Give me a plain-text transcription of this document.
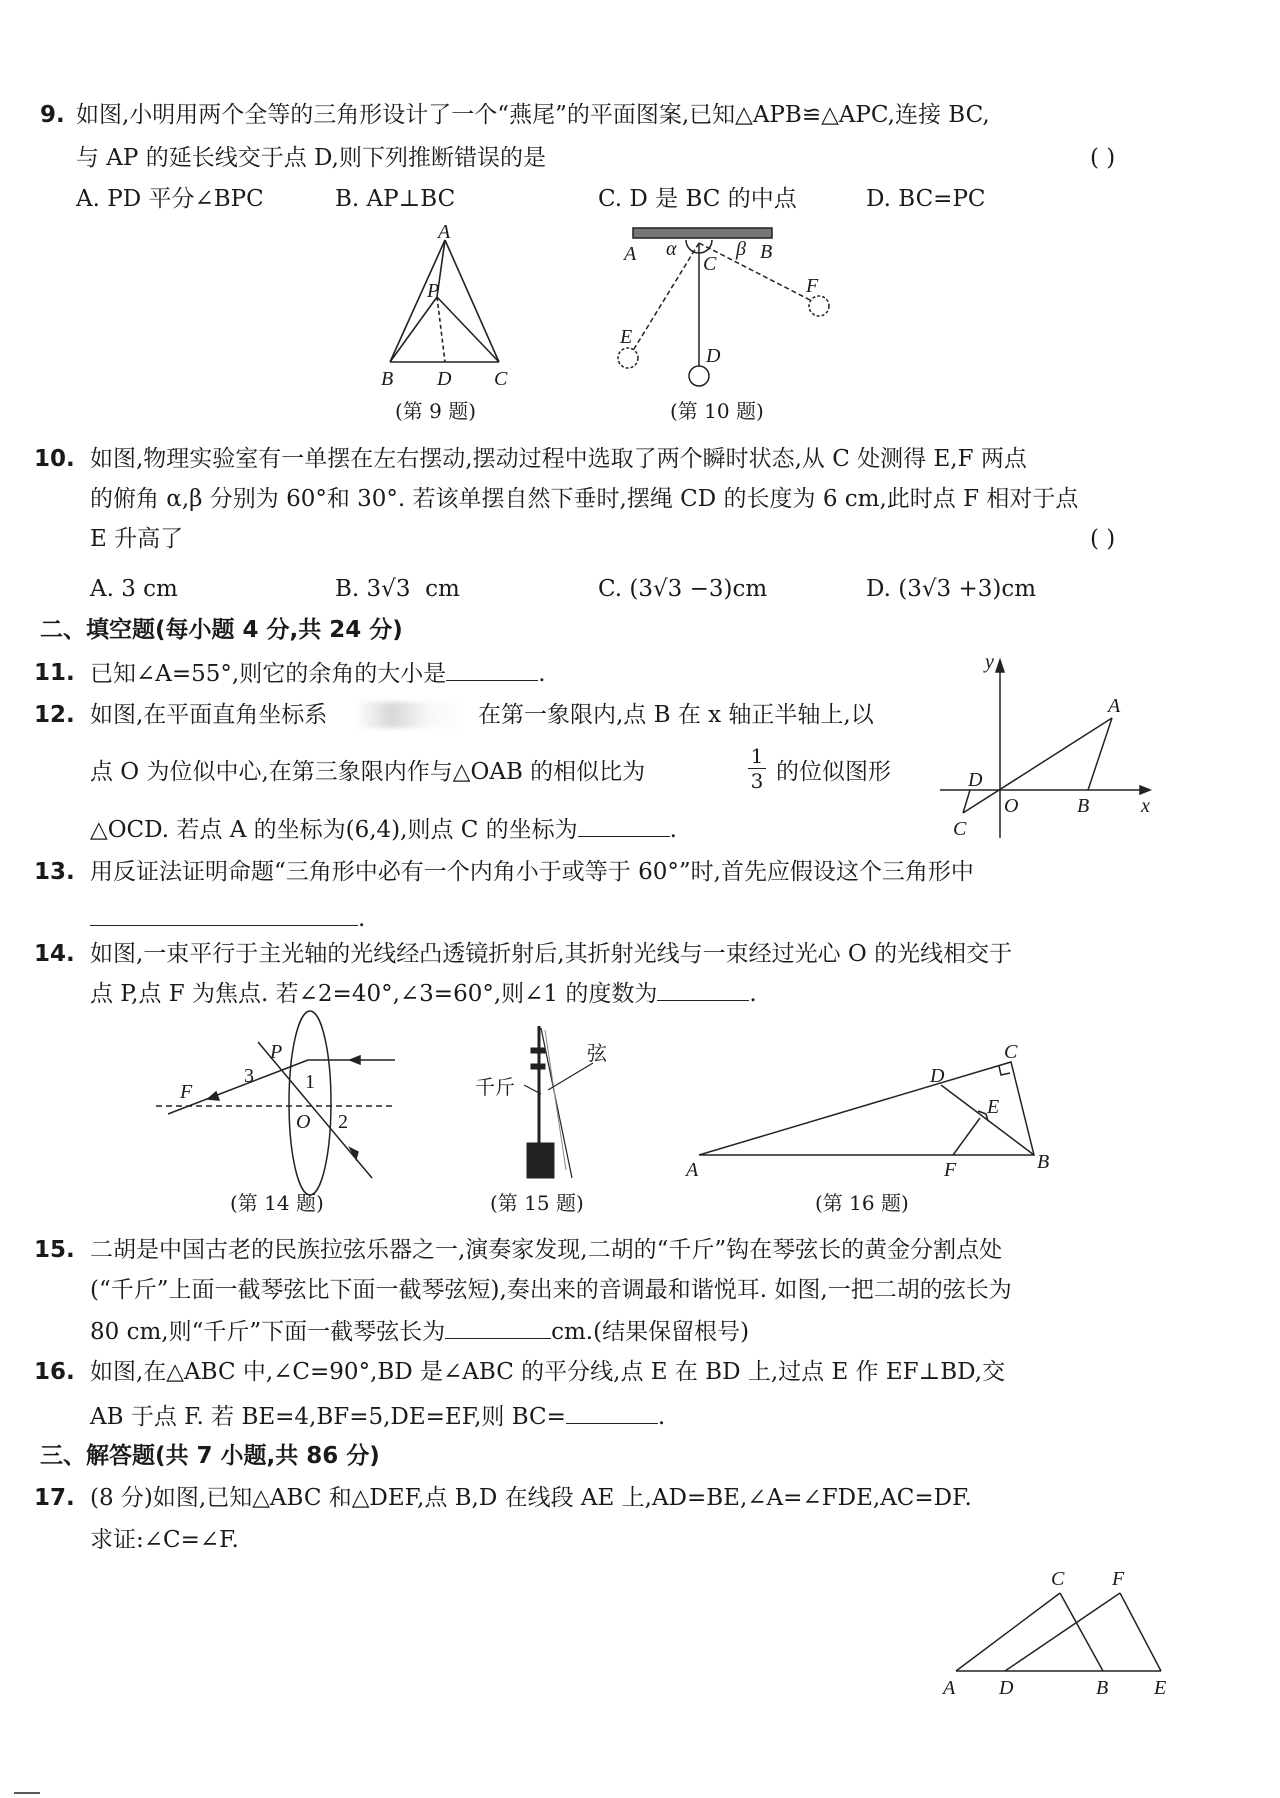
9. 如图,小明用两个全等的三角形设计了一个“燕尾”的平面图案,已知△APB≌△APC,连接 BC,
与 AP 的延长线交于点 D,则下列推断错误的是	( )
A. PD 平分∠BPC	B. AP⊥BC	C. D 是 BC 的中点	D. BC=PC
A
P
B D C
A α
C
β B
F
E
D
y
A
D
O	B	x
C
F
3
P
1
O 2
千斤
弦
A	B
C
D
E
F
C F
A D	B E
(第 9 题)	(第 10 题)
10. 如图,物理实验室有一单摆在左右摆动,摆动过程中选取了两个瞬时状态,从 C 处测得 E,F 两点
的俯角 α,β 分别为 60°和 30°. 若该单摆自然下垂时,摆绳 CD 的长度为 6 cm,此时点 F 相对于点
E 升高了	( )
A. 3 cm	B. 3√3  cm	C. (3√3 −3)cm	D. (3√3 +3)cm
二、填空题(每小题 4 分,共 24 分)
11. 已知∠A=55°,则它的余角的大小是	.
12. 如图,在平面直角坐标系	在第一象限内,点 B 在 x 轴正半轴上,以
点 O 为位似中心,在第三象限内作与△OAB 的相似比为	$\frac{1}{3}$ 的位似图形
△OCD. 若点 A 的坐标为(6,4),则点 C 的坐标为	.
13. 用反证法证明命题“三角形中必有一个内角小于或等于 60°”时,首先应假设这个三角形中
.
14. 如图,一束平行于主光轴的光线经凸透镜折射后,其折射光线与一束经过光心 O 的光线相交于
点 P,点 F 为焦点. 若∠2=40°,∠3=60°,则∠1 的度数为	.
(第 14 题)	(第 15 题)	(第 16 题)
15. 二胡是中国古老的民族拉弦乐器之一,演奏家发现,二胡的“千斤”钩在琴弦长的黄金分割点处
(“千斤”上面一截琴弦比下面一截琴弦短),奏出来的音调最和谐悦耳. 如图,一把二胡的弦长为
80 cm,则“千斤”下面一截琴弦长为	cm.(结果保留根号)
16. 如图,在△ABC 中,∠C=90°,BD 是∠ABC 的平分线,点 E 在 BD 上,过点 E 作 EF⊥BD,交
AB 于点 F. 若 BE=4,BF=5,DE=EF,则 BC=	.
三、解答题(共 7 小题,共 86 分)
17. (8 分)如图,已知△ABC 和△DEF,点 B,D 在线段 AE 上,AD=BE,∠A=∠FDE,AC=DF.
求证:∠C=∠F.
